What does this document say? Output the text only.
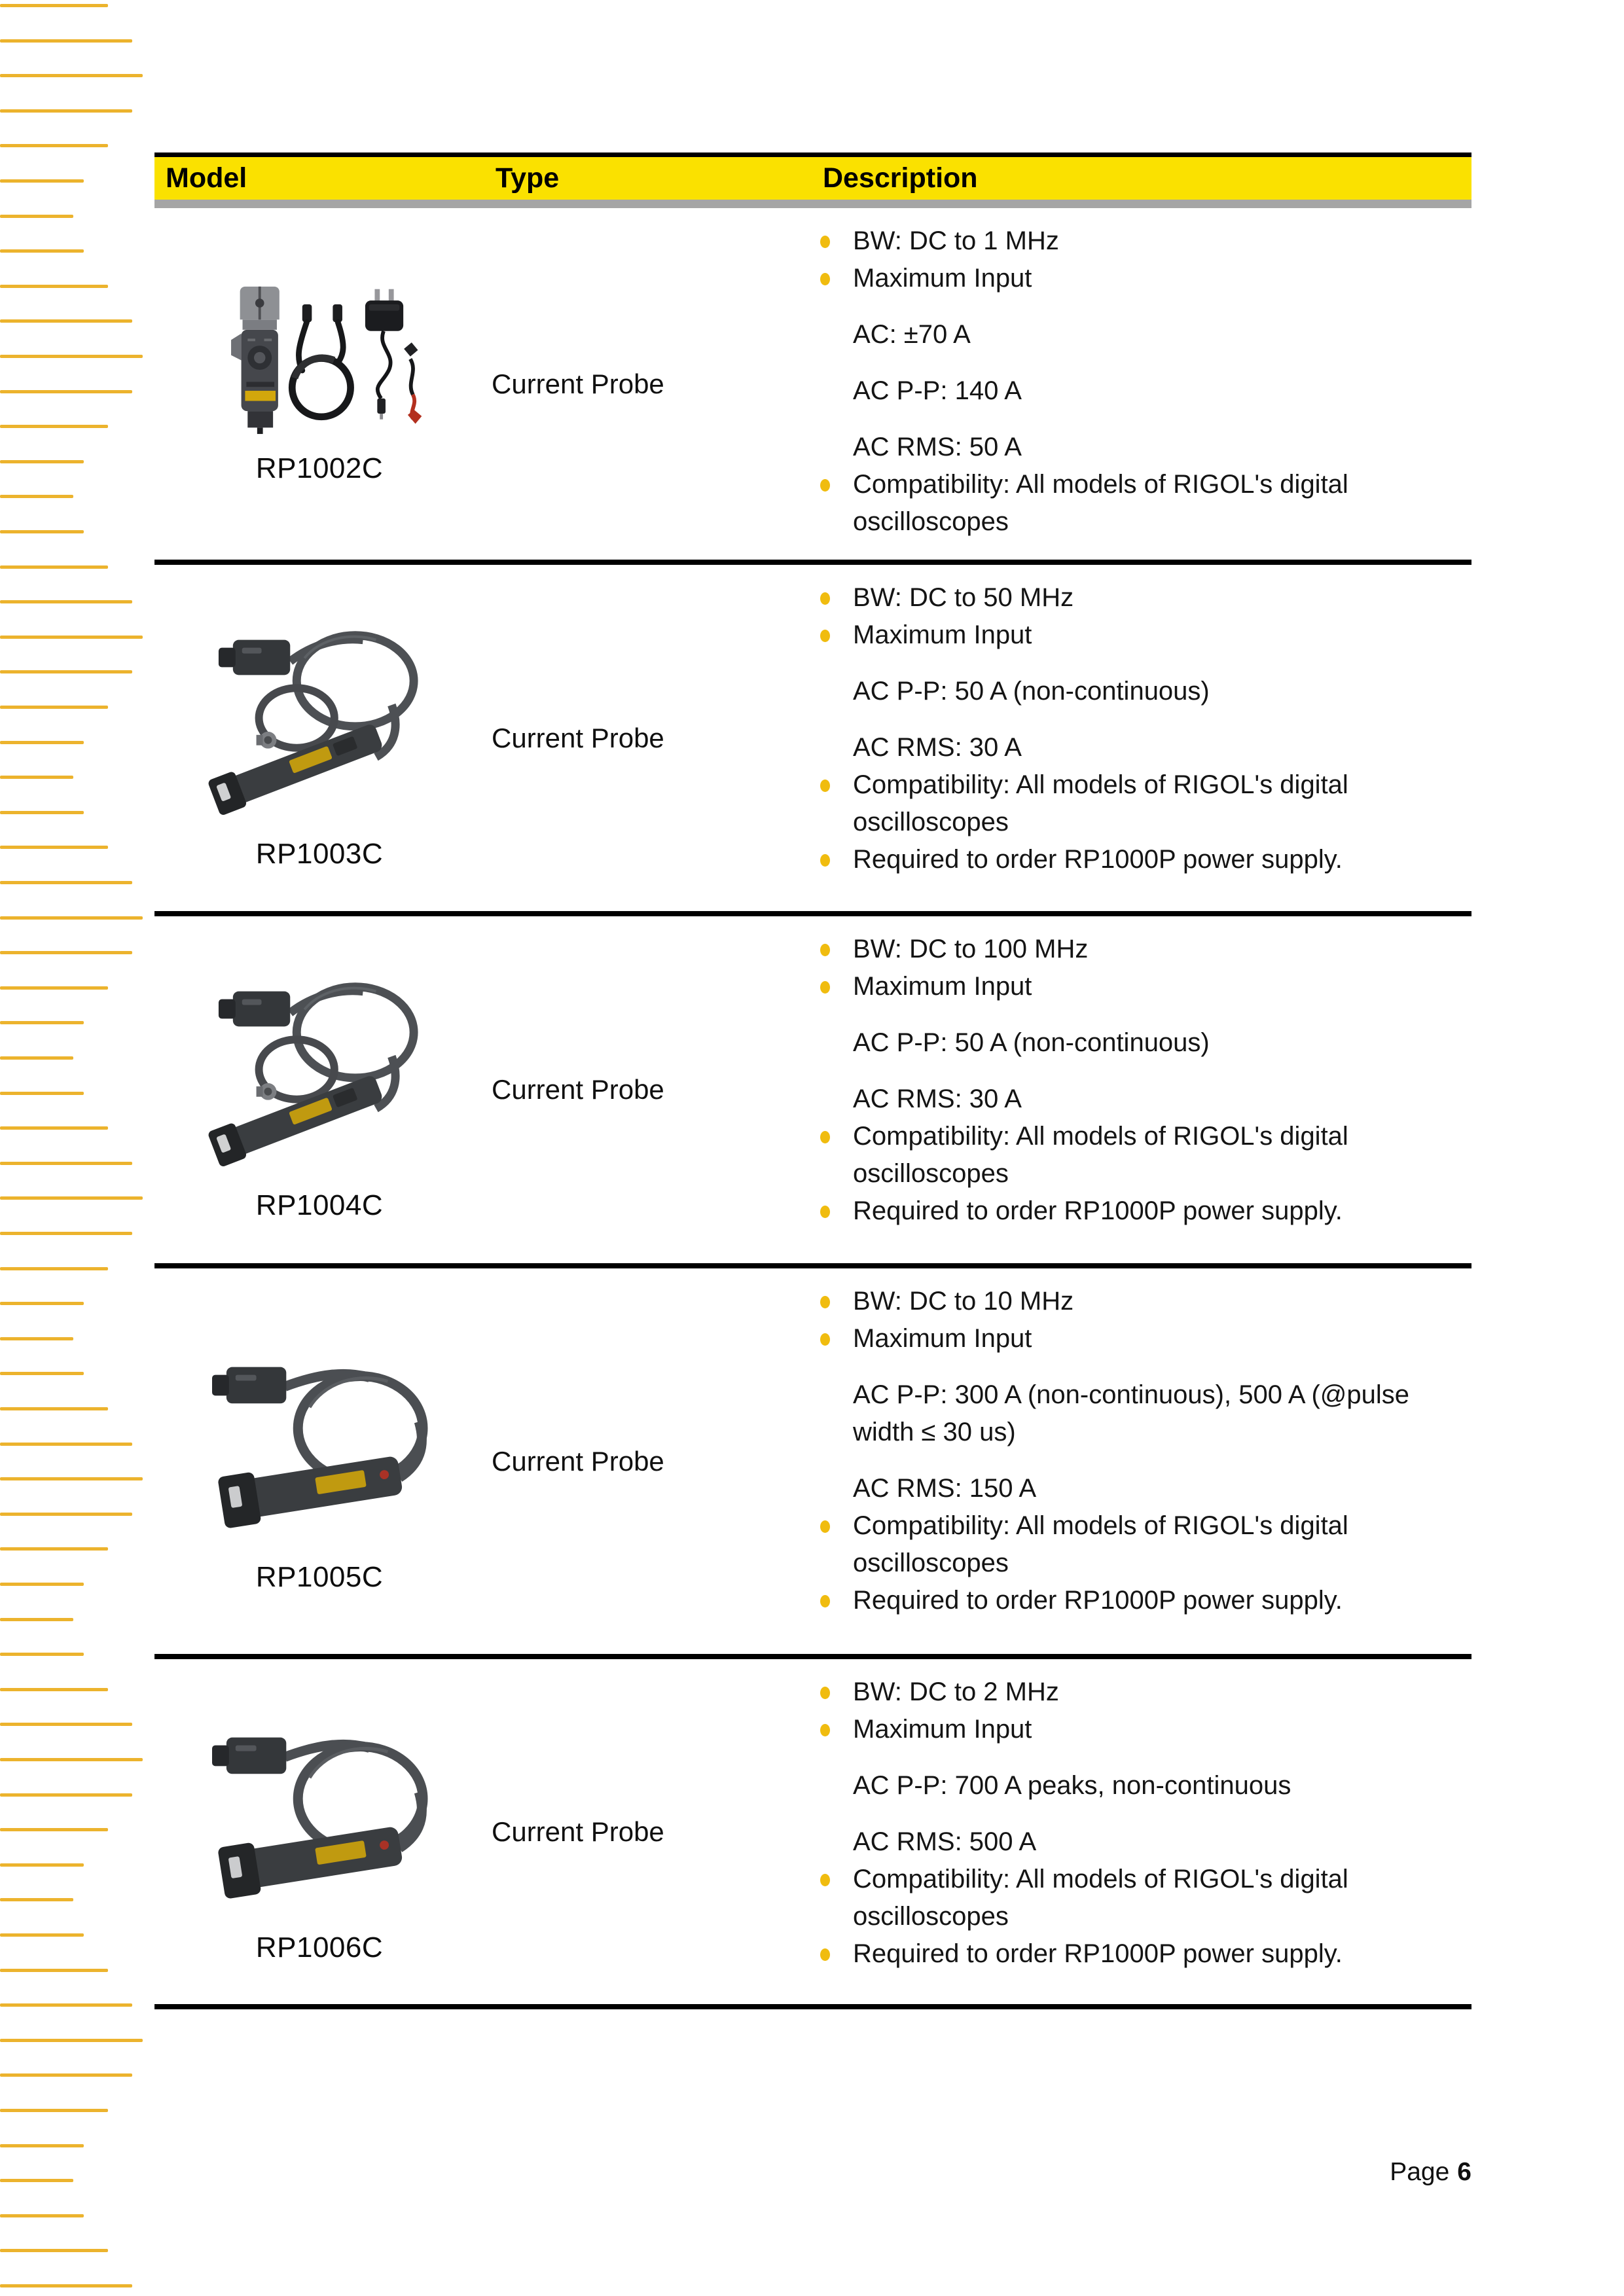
Model	Type	Description
RP1002C
Current Probe
BW: DC to 1 MHz
Maximum Input
AC: ±70 A
AC P-P: 140 A
AC RMS: 50 A
Compatibility: All models of RIGOL's digital oscilloscopes
RP1003C
Current Probe
BW: DC to 50 MHz
Maximum Input
AC P-P: 50 A (non-continuous)
AC RMS: 30 A
Compatibility: All models of RIGOL's digital oscilloscopes
Required to order RP1000P power supply.
RP1004C
Current Probe
BW: DC to 100 MHz
Maximum Input
AC P-P: 50 A (non-continuous)
AC RMS: 30 A
Compatibility: All models of RIGOL's digital oscilloscopes
Required to order RP1000P power supply.
RP1005C
Current Probe
BW: DC to 10 MHz
Maximum Input
AC P-P: 300 A (non-continuous), 500 A (@pulse width ≤ 30 us)
AC RMS: 150 A
Compatibility: All models of RIGOL's digital oscilloscopes
Required to order RP1000P power supply.
RP1006C
Current Probe
BW: DC to 2 MHz
Maximum Input
AC P-P: 700 A peaks, non-continuous
AC RMS: 500 A
Compatibility: All models of RIGOL's digital oscilloscopes
Required to order RP1000P power supply.
Page 6
